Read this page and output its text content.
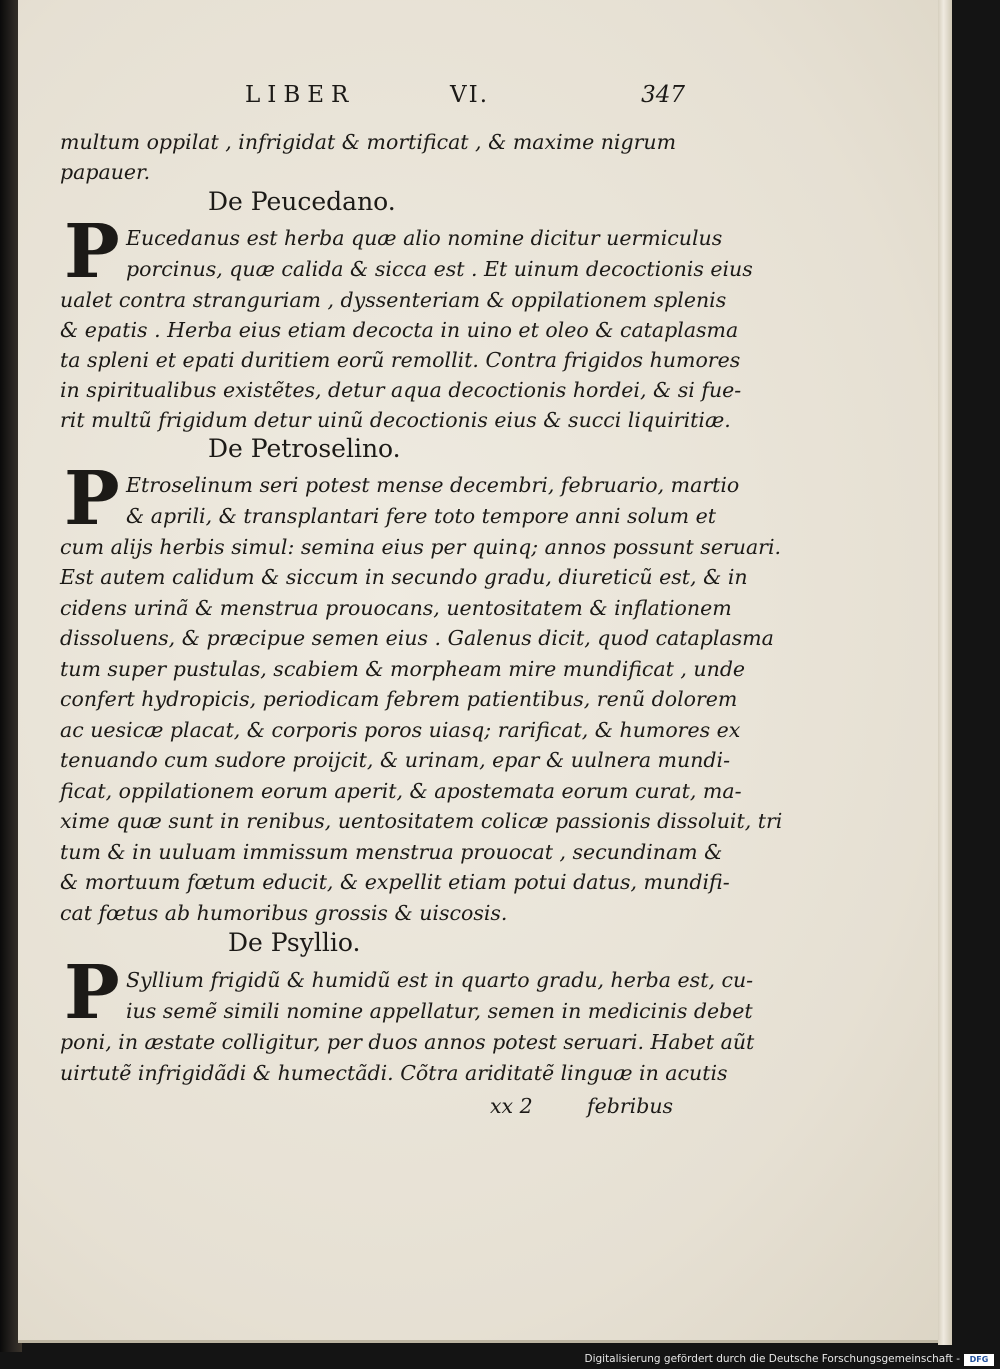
LIBER	VI.	347
multum oppilat , infrigidat & mortificat , & maxime nigrum
papauer.
De Peucedano.
P Eucedanus est herba quæ alio nomine dicitur uermiculus
porcinus, quæ calida & sicca est . Et uinum decoctionis eius
ualet contra stranguriam , dyssenteriam & oppilationem splenis
& epatis . Herba eius etiam decocta in uino et oleo & cataplasma
ta spleni et epati duritiem eorũ remollit. Contra frigidos humores
in spiritualibus existẽtes, detur aqua decoctionis hordei, & si fue-
rit multũ frigidum detur uinũ decoctionis eius & succi liquiritiæ.
De Petroselino.
P Etroselinum seri potest mense decembri, februario, martio
& aprili, & transplantari fere toto tempore anni solum et
cum alijs herbis simul: semina eius per quinq; annos possunt seruari.
Est autem calidum & siccum in secundo gradu, diureticũ est, & in
cidens urinã & menstrua prouocans, uentositatem & inflationem
dissoluens, & præcipue semen eius . Galenus dicit, quod cataplasma
tum super pustulas, scabiem & morpheam mire mundificat , unde
confert hydropicis, periodicam febrem patientibus, renũ dolorem
ac uesicæ placat, & corporis poros uiasq; rarificat, & humores ex
tenuando cum sudore proijcit, & urinam, epar & uulnera mundi-
ficat, oppilationem eorum aperit, & apostemata eorum curat, ma-
xime quæ sunt in renibus, uentositatem colicæ passionis dissoluit, tri
tum & in uuluam immissum menstrua prouocat , secundinam &
& mortuum fœtum educit, & expellit etiam potui datus, mundifi-
cat fœtus ab humoribus grossis & uiscosis.
De Psyllio.
P Syllium frigidũ & humidũ est in quarto gradu, herba est, cu-
ius semẽ simili nomine appellatur, semen in medicinis debet
poni, in æstate colligitur, per duos annos potest seruari. Habet aũt
uirtutẽ infrigidãdi & humectãdi. Cõtra ariditatẽ linguæ in acutis
xx 2	febribus
Digitalisierung gefördert durch die Deutsche Forschungsgemeinschaft -	DFG
